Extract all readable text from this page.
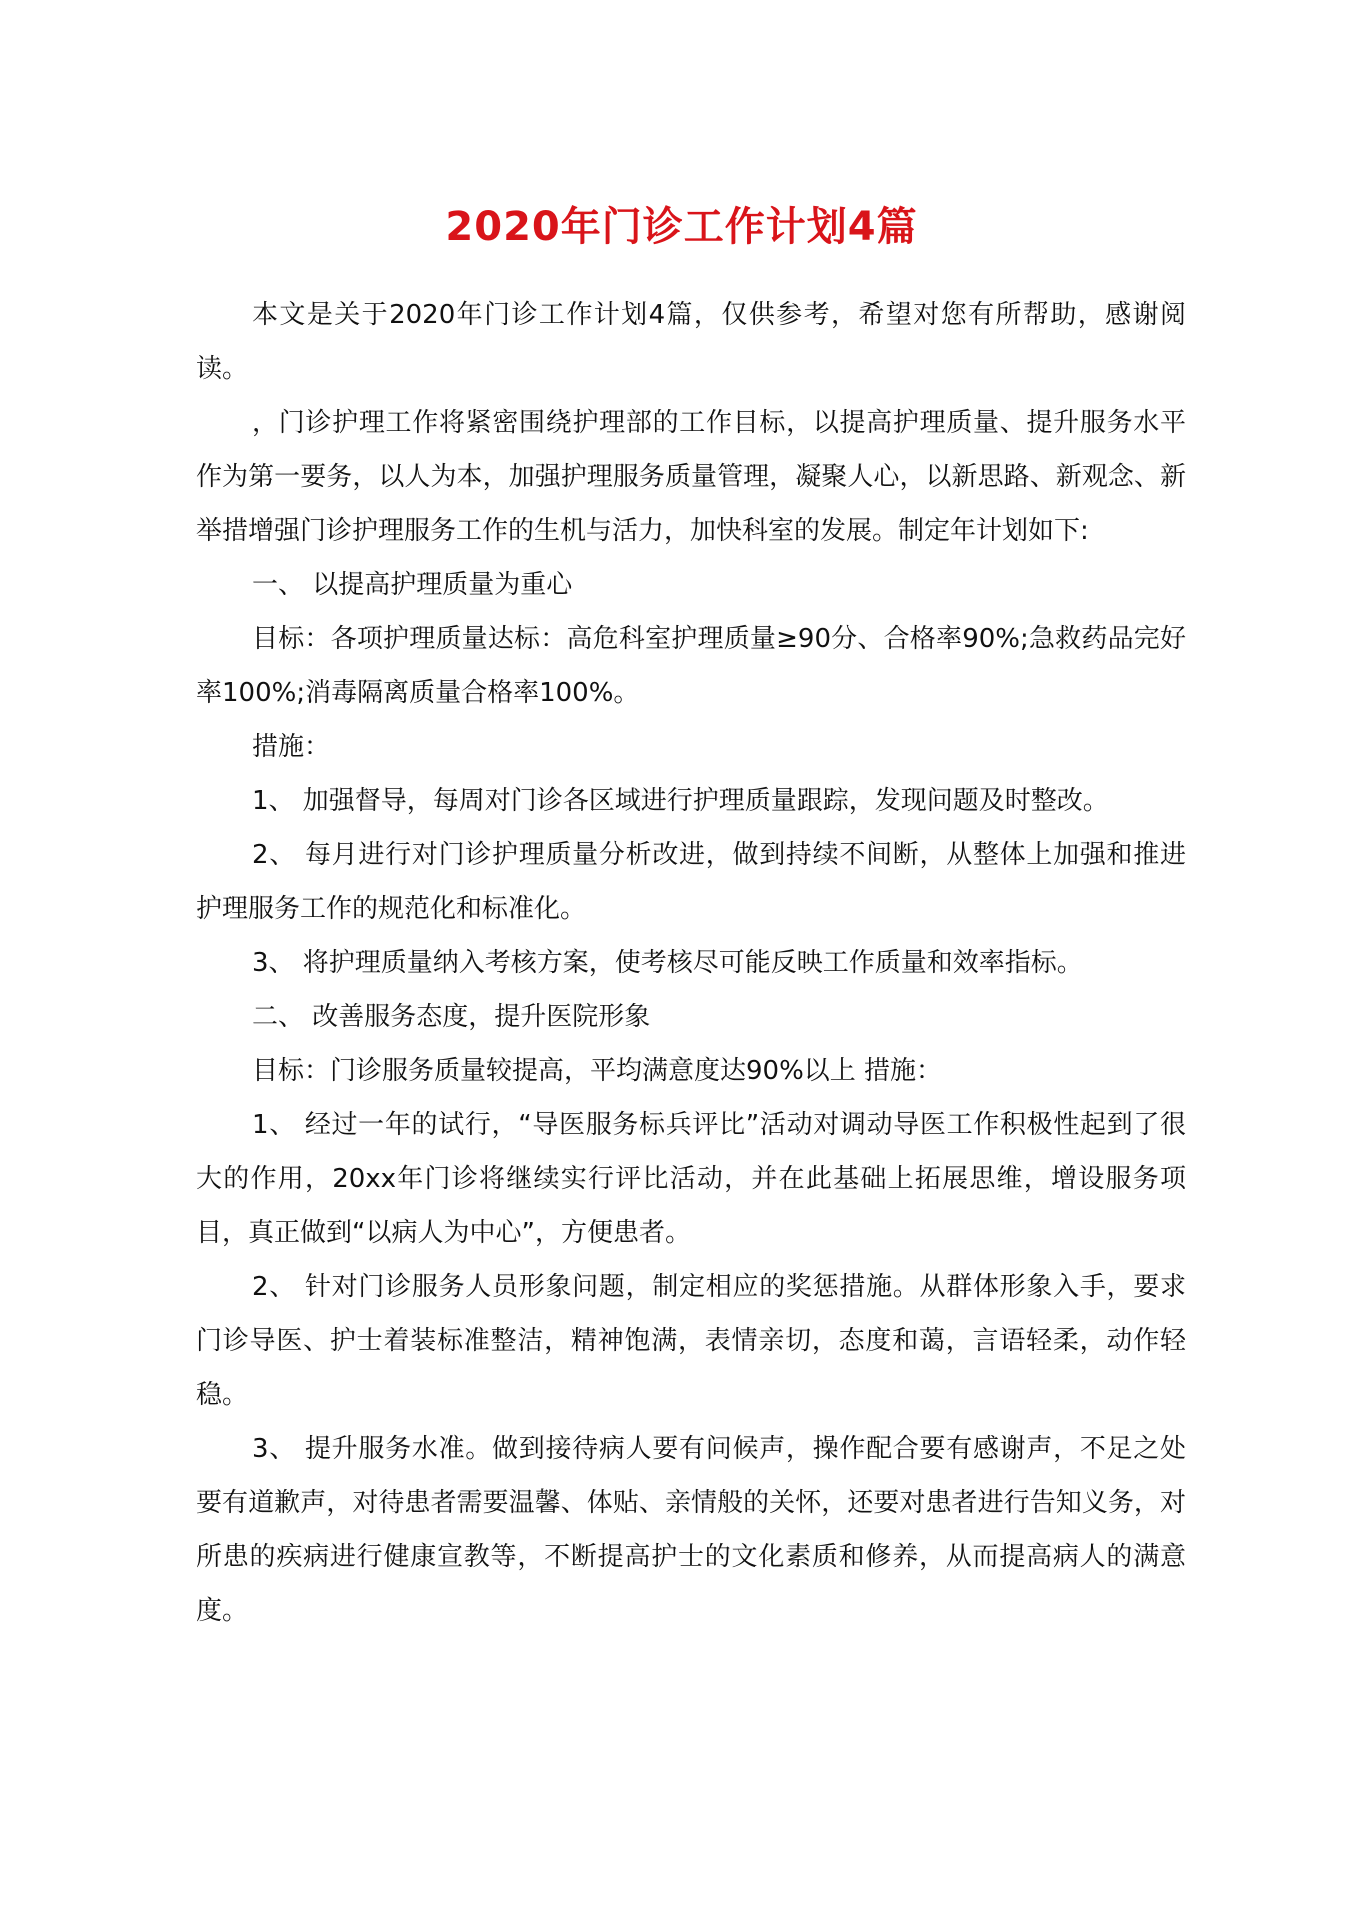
2020年门诊工作计划4篇

本文是关于2020年门诊工作计划4篇，仅供参考，希望对您有所帮助，感谢阅读。

，门诊护理工作将紧密围绕护理部的工作目标，以提高护理质量、提升服务水平作为第一要务，以人为本，加强护理服务质量管理，凝聚人心，以新思路、新观念、新举措增强门诊护理服务工作的生机与活力，加快科室的发展。制定年计划如下:

一、 以提高护理质量为重心

目标：各项护理质量达标：高危科室护理质量≥90分、合格率90%;急救药品完好率100%;消毒隔离质量合格率100%。

措施：

1、 加强督导，每周对门诊各区域进行护理质量跟踪，发现问题及时整改。

2、 每月进行对门诊护理质量分析改进，做到持续不间断，从整体上加强和推进护理服务工作的规范化和标准化。

3、 将护理质量纳入考核方案，使考核尽可能反映工作质量和效率指标。

二、 改善服务态度，提升医院形象

目标：门诊服务质量较提高，平均满意度达90%以上 措施：

1、 经过一年的试行，“导医服务标兵评比”活动对调动导医工作积极性起到了很大的作用，20xx年门诊将继续实行评比活动，并在此基础上拓展思维，增设服务项目，真正做到“以病人为中心”，方便患者。

2、 针对门诊服务人员形象问题，制定相应的奖惩措施。从群体形象入手，要求门诊导医、护士着装标准整洁，精神饱满，表情亲切，态度和蔼，言语轻柔，动作轻稳。

3、 提升服务水准。做到接待病人要有问候声，操作配合要有感谢声，不足之处要有道歉声，对待患者需要温馨、体贴、亲情般的关怀，还要对患者进行告知义务，对所患的疾病进行健康宣教等，不断提高护士的文化素质和修养，从而提高病人的满意度。
